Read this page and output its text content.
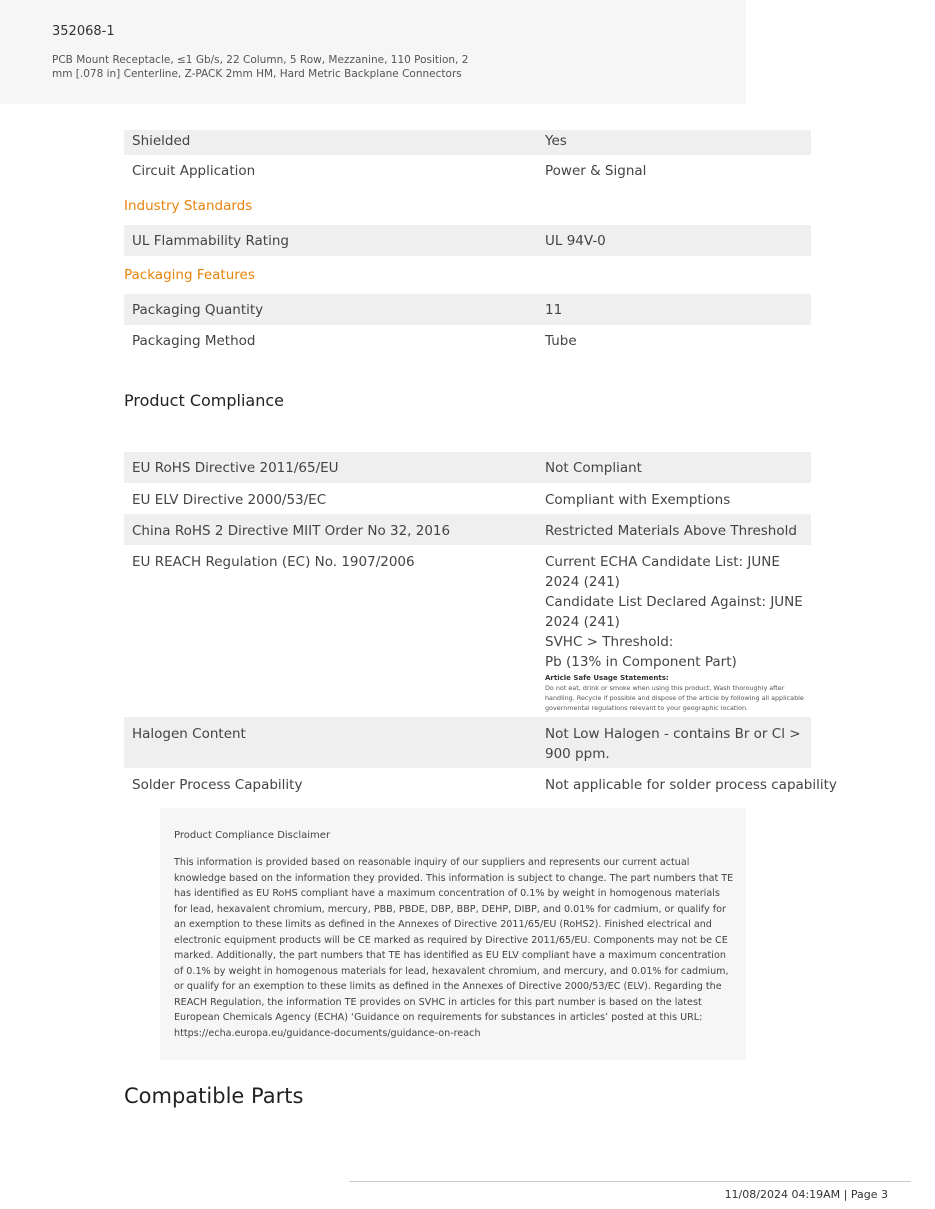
352068-1
PCB Mount Receptacle, ≤1 Gb/s, 22 Column, 5 Row, Mezzanine, 110 Position, 2 mm [.078 in] Centerline, Z-PACK 2mm HM, Hard Metric Backplane Connectors
Shielded	Yes
Circuit Application	Power & Signal
Industry Standards
UL Flammability Rating	UL 94V-0
Packaging Features
Packaging Quantity	11
Packaging Method	Tube
Product Compliance
EU RoHS Directive 2011/65/EU	Not Compliant
EU ELV Directive 2000/53/EC	Compliant with Exemptions
China RoHS 2 Directive MIIT Order No 32, 2016	Restricted Materials Above Threshold
EU REACH Regulation (EC) No. 1907/2006	Current ECHA Candidate List: JUNE 2024 (241)
Candidate List Declared Against: JUNE 2024 (241)
SVHC > Threshold:
Pb (13% in Component Part)
Article Safe Usage Statements:
Do not eat, drink or smoke when using this product. Wash thoroughly after handling. Recycle if possible and dispose of the article by following all applicable governmental regulations relevant to your geographic location.
Halogen Content	Not Low Halogen - contains Br or Cl > 900 ppm.
Solder Process Capability	Not applicable for solder process capability
Product Compliance Disclaimer
This information is provided based on reasonable inquiry of our suppliers and represents our current actual knowledge based on the information they provided. This information is subject to change. The part numbers that TE has identified as EU RoHS compliant have a maximum concentration of 0.1% by weight in homogenous materials for lead, hexavalent chromium, mercury, PBB, PBDE, DBP, BBP, DEHP, DIBP, and 0.01% for cadmium, or qualify for an exemption to these limits as defined in the Annexes of Directive 2011/65/EU (RoHS2). Finished electrical and electronic equipment products will be CE marked as required by Directive 2011/65/EU. Components may not be CE marked. Additionally, the part numbers that TE has identified as EU ELV compliant have a maximum concentration of 0.1% by weight in homogenous materials for lead, hexavalent chromium, and mercury, and 0.01% for cadmium, or qualify for an exemption to these limits as defined in the Annexes of Directive 2000/53/EC (ELV). Regarding the REACH Regulation, the information TE provides on SVHC in articles for this part number is based on the latest European Chemicals Agency (ECHA) ‘Guidance on requirements for substances in articles’ posted at this URL: https://echa.europa.eu/guidance-documents/guidance-on-reach
Compatible Parts
11/08/2024 04:19AM | Page 3
